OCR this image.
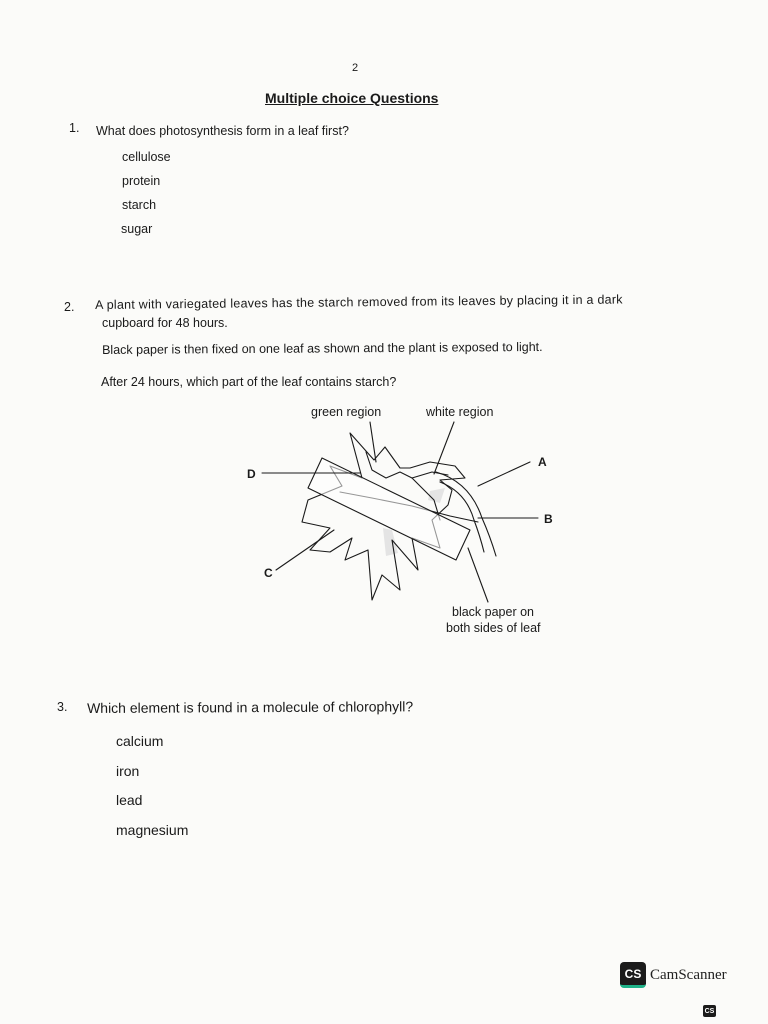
2
Multiple choice Questions
1. What does photosynthesis form in a leaf first?
cellulose
protein
starch
sugar
2. A plant with variegated leaves has the starch removed from its leaves by placing it in a dark
cupboard for 48 hours.
Black paper is then fixed on one leaf as shown and the plant is exposed to light.
After 24 hours, which part of the leaf contains starch?
green region	white region
A
B
C
D
black paper on
both sides of leaf
3. Which element is found in a molecule of chlorophyll?
calcium
iron
lead
magnesium
CS CamScanner
CS
